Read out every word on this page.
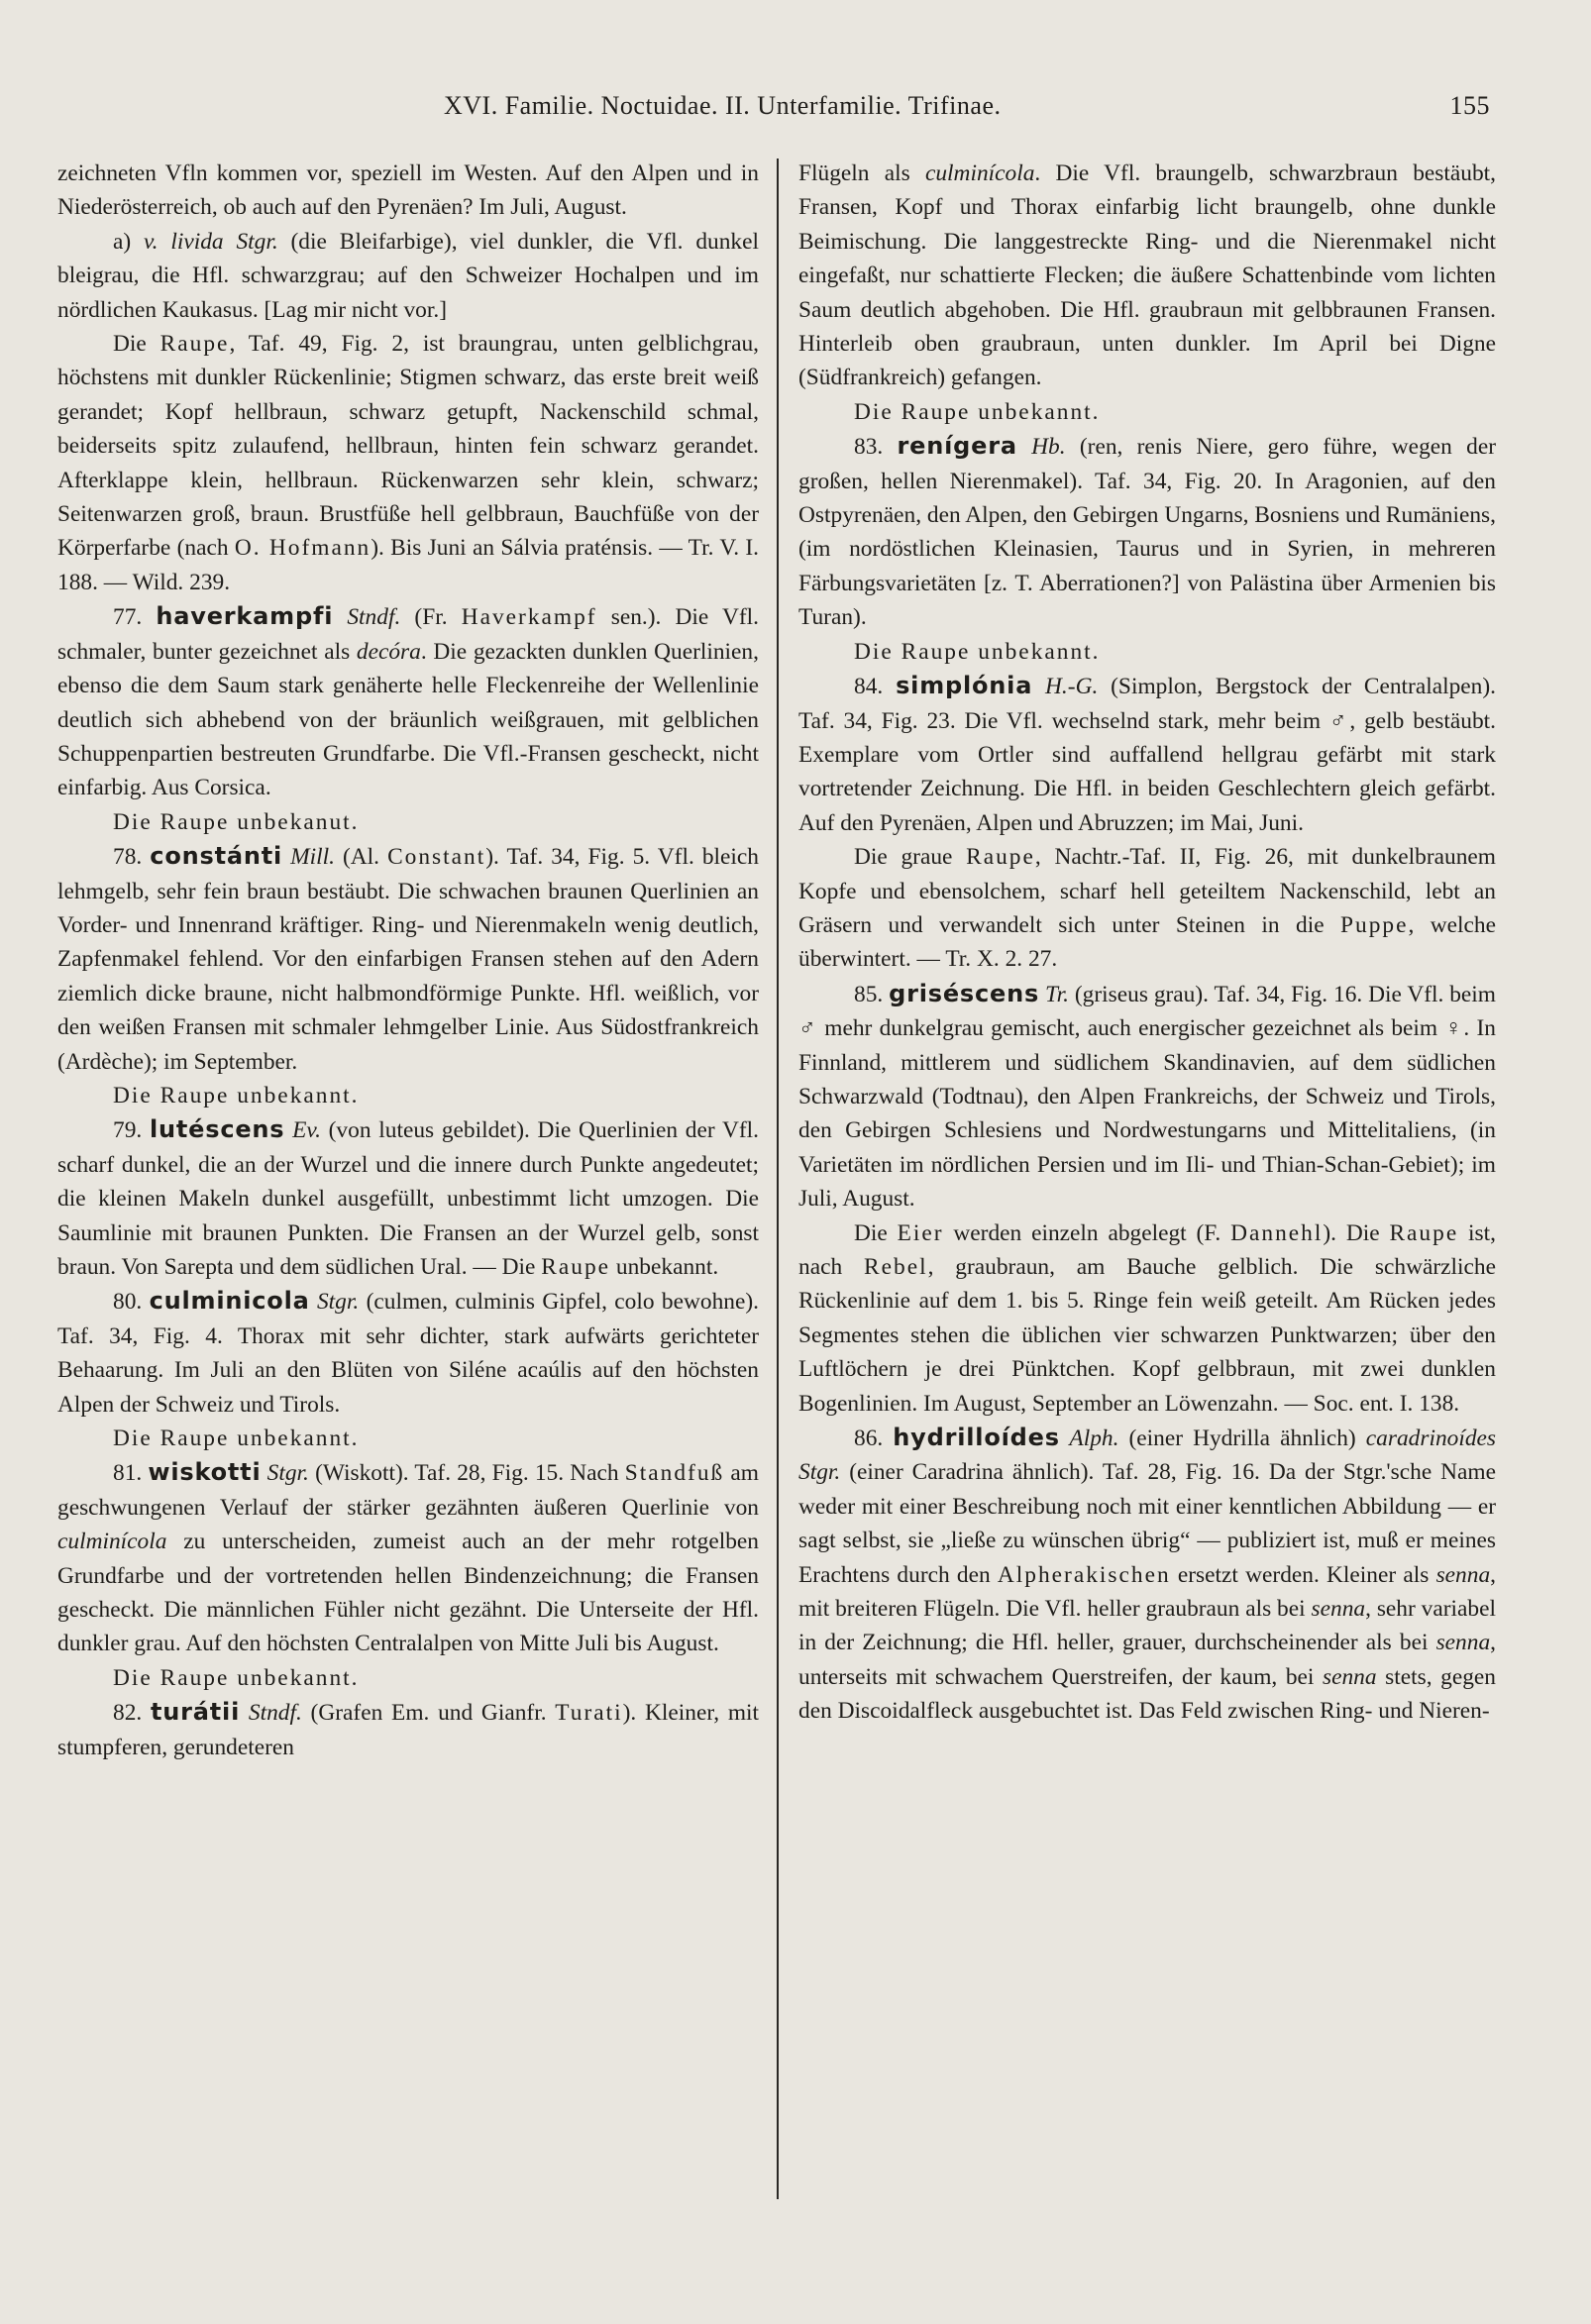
XVI. Familie. Noctuidae. II. Unterfamilie. Trifinae.	155

zeichneten Vfln kommen vor, speziell im Westen. Auf den Alpen und in Niederösterreich, ob auch auf den Pyrenäen? Im Juli, August.

a) v. livida Stgr. (die Bleifarbige), viel dunkler, die Vfl. dunkel bleigrau, die Hfl. schwarzgrau; auf den Schweizer Hochalpen und im nördlichen Kaukasus. [Lag mir nicht vor.]

Die Raupe, Taf. 49, Fig. 2, ist braungrau, unten gelblichgrau, höchstens mit dunkler Rückenlinie; Stigmen schwarz, das erste breit weiß gerandet; Kopf hellbraun, schwarz getupft, Nackenschild schmal, beiderseits spitz zulaufend, hellbraun, hinten fein schwarz gerandet. Afterklappe klein, hellbraun. Rückenwarzen sehr klein, schwarz; Seitenwarzen groß, braun. Brustfüße hell gelbbraun, Bauchfüße von der Körperfarbe (nach O. Hofmann). Bis Juni an Sálvia praténsis. — Tr. V. I. 188. — Wild. 239.

77. haverkampfi Stndf. (Fr. Haverkampf sen.). Die Vfl. schmaler, bunter gezeichnet als decóra. Die gezackten dunklen Querlinien, ebenso die dem Saum stark genäherte helle Fleckenreihe der Wellenlinie deutlich sich abhebend von der bräunlich weißgrauen, mit gelblichen Schuppenpartien bestreuten Grundfarbe. Die Vfl.-Fransen gescheckt, nicht einfarbig. Aus Corsica.

Die Raupe unbekanut.

78. constánti Mill. (Al. Constant). Taf. 34, Fig. 5. Vfl. bleich lehmgelb, sehr fein braun bestäubt. Die schwachen braunen Querlinien an Vorder- und Innenrand kräftiger. Ring- und Nierenmakeln wenig deutlich, Zapfenmakel fehlend. Vor den einfarbigen Fransen stehen auf den Adern ziemlich dicke braune, nicht halbmondförmige Punkte. Hfl. weißlich, vor den weißen Fransen mit schmaler lehmgelber Linie. Aus Südostfrankreich (Ardèche); im September.

Die Raupe unbekannt.

79. lutéscens Ev. (von luteus gebildet). Die Querlinien der Vfl. scharf dunkel, die an der Wurzel und die innere durch Punkte angedeutet; die kleinen Makeln dunkel ausgefüllt, unbestimmt licht umzogen. Die Saumlinie mit braunen Punkten. Die Fransen an der Wurzel gelb, sonst braun. Von Sarepta und dem südlichen Ural. — Die Raupe unbekannt.

80. culminicola Stgr. (culmen, culminis Gipfel, colo bewohne). Taf. 34, Fig. 4. Thorax mit sehr dichter, stark aufwärts gerichteter Behaarung. Im Juli an den Blüten von Siléne acaúlis auf den höchsten Alpen der Schweiz und Tirols.

Die Raupe unbekannt.

81. wiskotti Stgr. (Wiskott). Taf. 28, Fig. 15. Nach Standfuß am geschwungenen Verlauf der stärker gezähnten äußeren Querlinie von culminícola zu unterscheiden, zumeist auch an der mehr rotgelben Grundfarbe und der vortretenden hellen Bindenzeichnung; die Fransen gescheckt. Die männlichen Fühler nicht gezähnt. Die Unterseite der Hfl. dunkler grau. Auf den höchsten Centralalpen von Mitte Juli bis August.

Die Raupe unbekannt.

82. turátii Stndf. (Grafen Em. und Gianfr. Turati). Kleiner, mit stumpferen, gerundeteren

Flügeln als culminícola. Die Vfl. braungelb, schwarzbraun bestäubt, Fransen, Kopf und Thorax einfarbig licht braungelb, ohne dunkle Beimischung. Die langgestreckte Ring- und die Nierenmakel nicht eingefaßt, nur schattierte Flecken; die äußere Schattenbinde vom lichten Saum deutlich abgehoben. Die Hfl. graubraun mit gelbbraunen Fransen. Hinterleib oben graubraun, unten dunkler. Im April bei Digne (Südfrankreich) gefangen.

Die Raupe unbekannt.

83. renígera Hb. (ren, renis Niere, gero führe, wegen der großen, hellen Nierenmakel). Taf. 34, Fig. 20. In Aragonien, auf den Ostpyrenäen, den Alpen, den Gebirgen Ungarns, Bosniens und Rumäniens, (im nordöstlichen Kleinasien, Taurus und in Syrien, in mehreren Färbungsvarietäten [z. T. Aberrationen?] von Palästina über Armenien bis Turan).

Die Raupe unbekannt.

84. simplónia H.-G. (Simplon, Bergstock der Centralalpen). Taf. 34, Fig. 23. Die Vfl. wechselnd stark, mehr beim ♂, gelb bestäubt. Exemplare vom Ortler sind auffallend hellgrau gefärbt mit stark vortretender Zeichnung. Die Hfl. in beiden Geschlechtern gleich gefärbt. Auf den Pyrenäen, Alpen und Abruzzen; im Mai, Juni.

Die graue Raupe, Nachtr.-Taf. II, Fig. 26, mit dunkelbraunem Kopfe und ebensolchem, scharf hell geteiltem Nackenschild, lebt an Gräsern und verwandelt sich unter Steinen in die Puppe, welche überwintert. — Tr. X. 2. 27.

85. griséscens Tr. (griseus grau). Taf. 34, Fig. 16. Die Vfl. beim ♂ mehr dunkelgrau gemischt, auch energischer gezeichnet als beim ♀. In Finnland, mittlerem und südlichem Skandinavien, auf dem südlichen Schwarzwald (Todtnau), den Alpen Frankreichs, der Schweiz und Tirols, den Gebirgen Schlesiens und Nordwestungarns und Mittelitaliens, (in Varietäten im nördlichen Persien und im Ili- und Thian-Schan-Gebiet); im Juli, August.

Die Eier werden einzeln abgelegt (F. Dannehl). Die Raupe ist, nach Rebel, graubraun, am Bauche gelblich. Die schwärzliche Rückenlinie auf dem 1. bis 5. Ringe fein weiß geteilt. Am Rücken jedes Segmentes stehen die üblichen vier schwarzen Punktwarzen; über den Luftlöchern je drei Pünktchen. Kopf gelbbraun, mit zwei dunklen Bogenlinien. Im August, September an Löwenzahn. — Soc. ent. I. 138.

86. hydrilloídes Alph. (einer Hydrilla ähnlich) caradrinoídes Stgr. (einer Caradrina ähnlich). Taf. 28, Fig. 16. Da der Stgr.'sche Name weder mit einer Beschreibung noch mit einer kenntlichen Abbildung — er sagt selbst, sie „ließe zu wünschen übrig“ — publiziert ist, muß er meines Erachtens durch den Alpherakischen ersetzt werden. Kleiner als senna, mit breiteren Flügeln. Die Vfl. heller graubraun als bei senna, sehr variabel in der Zeichnung; die Hfl. heller, grauer, durchscheinender als bei senna, unterseits mit schwachem Querstreifen, der kaum, bei senna stets, gegen den Discoidalfleck ausgebuchtet ist. Das Feld zwischen Ring- und Nieren-
